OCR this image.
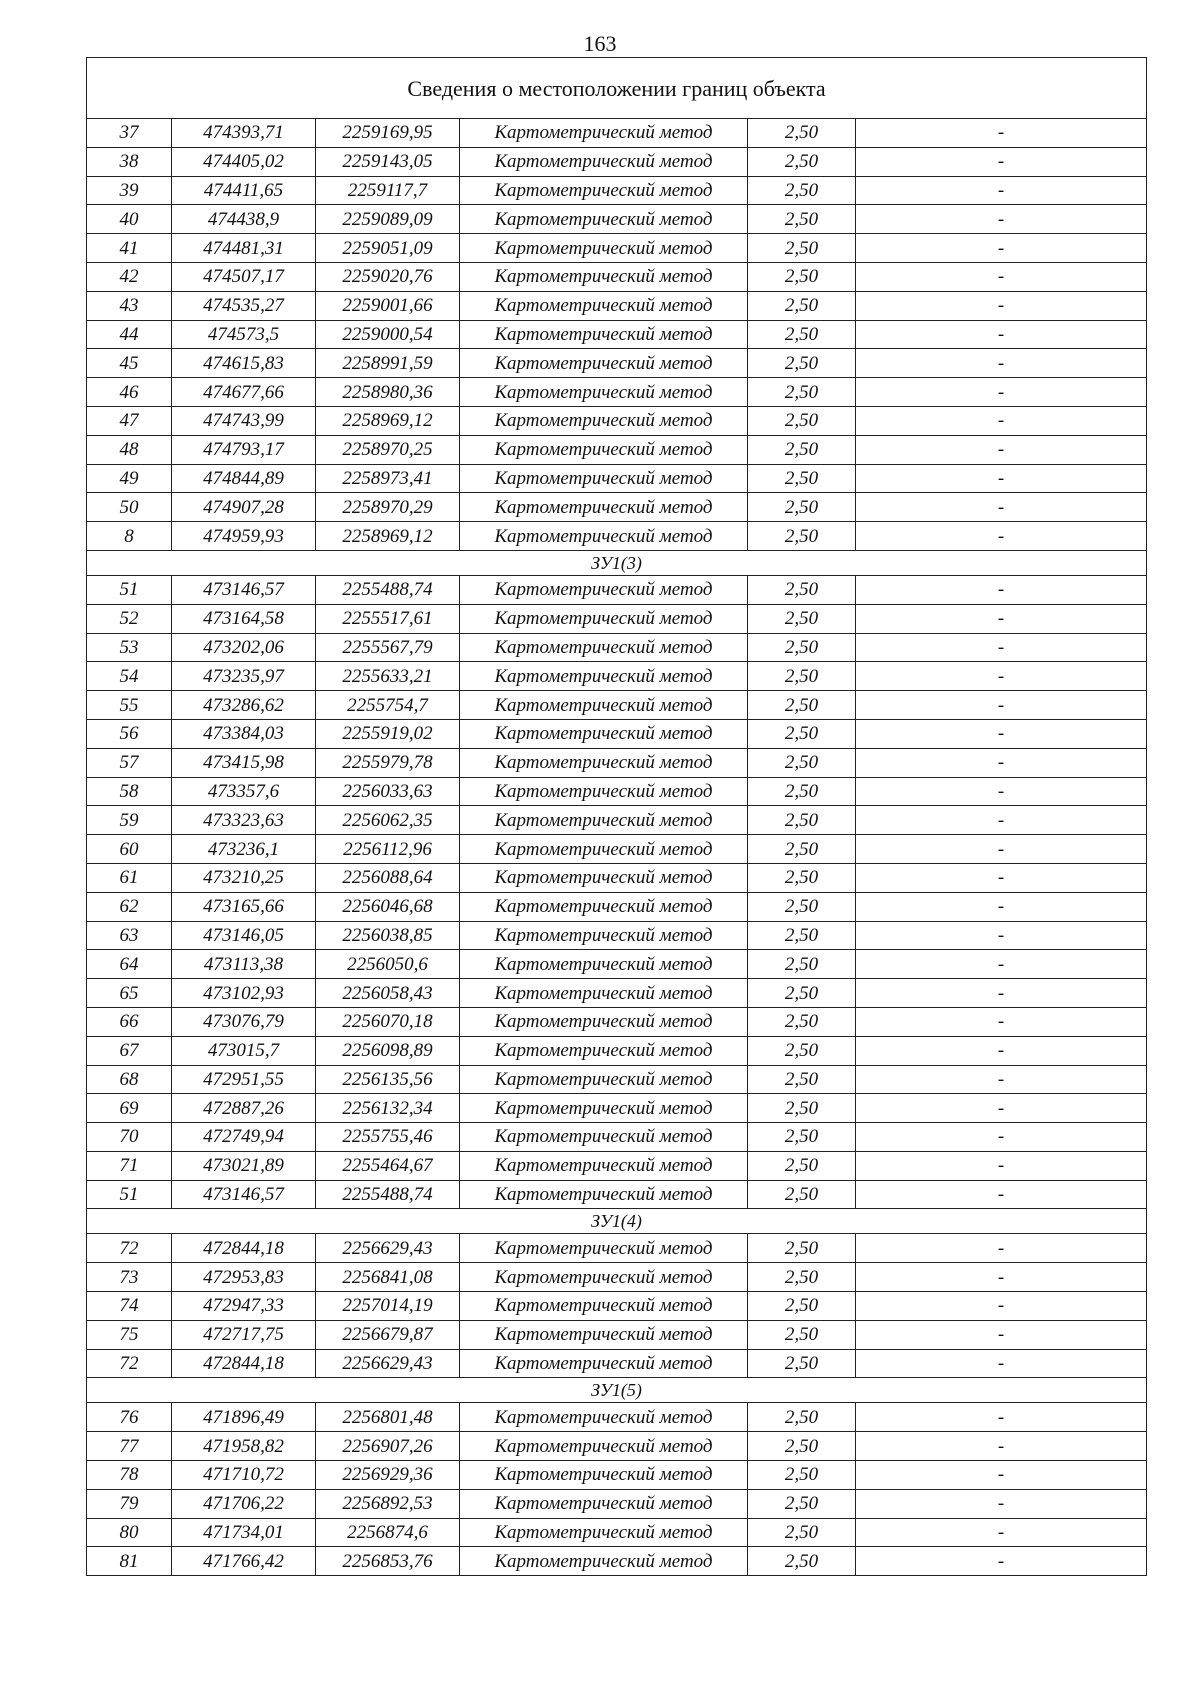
163
Сведения о местоположении границ объекта					
37	474393,71	2259169,95	Картометрический метод	2,50	-
38	474405,02	2259143,05	Картометрический метод	2,50	-
39	474411,65	2259117,7	Картометрический метод	2,50	-
40	474438,9	2259089,09	Картометрический метод	2,50	-
41	474481,31	2259051,09	Картометрический метод	2,50	-
42	474507,17	2259020,76	Картометрический метод	2,50	-
43	474535,27	2259001,66	Картометрический метод	2,50	-
44	474573,5	2259000,54	Картометрический метод	2,50	-
45	474615,83	2258991,59	Картометрический метод	2,50	-
46	474677,66	2258980,36	Картометрический метод	2,50	-
47	474743,99	2258969,12	Картометрический метод	2,50	-
48	474793,17	2258970,25	Картометрический метод	2,50	-
49	474844,89	2258973,41	Картометрический метод	2,50	-
50	474907,28	2258970,29	Картометрический метод	2,50	-
8	474959,93	2258969,12	Картометрический метод	2,50	-
ЗУ1(3)					
51	473146,57	2255488,74	Картометрический метод	2,50	-
52	473164,58	2255517,61	Картометрический метод	2,50	-
53	473202,06	2255567,79	Картометрический метод	2,50	-
54	473235,97	2255633,21	Картометрический метод	2,50	-
55	473286,62	2255754,7	Картометрический метод	2,50	-
56	473384,03	2255919,02	Картометрический метод	2,50	-
57	473415,98	2255979,78	Картометрический метод	2,50	-
58	473357,6	2256033,63	Картометрический метод	2,50	-
59	473323,63	2256062,35	Картометрический метод	2,50	-
60	473236,1	2256112,96	Картометрический метод	2,50	-
61	473210,25	2256088,64	Картометрический метод	2,50	-
62	473165,66	2256046,68	Картометрический метод	2,50	-
63	473146,05	2256038,85	Картометрический метод	2,50	-
64	473113,38	2256050,6	Картометрический метод	2,50	-
65	473102,93	2256058,43	Картометрический метод	2,50	-
66	473076,79	2256070,18	Картометрический метод	2,50	-
67	473015,7	2256098,89	Картометрический метод	2,50	-
68	472951,55	2256135,56	Картометрический метод	2,50	-
69	472887,26	2256132,34	Картометрический метод	2,50	-
70	472749,94	2255755,46	Картометрический метод	2,50	-
71	473021,89	2255464,67	Картометрический метод	2,50	-
51	473146,57	2255488,74	Картометрический метод	2,50	-
ЗУ1(4)					
72	472844,18	2256629,43	Картометрический метод	2,50	-
73	472953,83	2256841,08	Картометрический метод	2,50	-
74	472947,33	2257014,19	Картометрический метод	2,50	-
75	472717,75	2256679,87	Картометрический метод	2,50	-
72	472844,18	2256629,43	Картометрический метод	2,50	-
ЗУ1(5)					
76	471896,49	2256801,48	Картометрический метод	2,50	-
77	471958,82	2256907,26	Картометрический метод	2,50	-
78	471710,72	2256929,36	Картометрический метод	2,50	-
79	471706,22	2256892,53	Картометрический метод	2,50	-
80	471734,01	2256874,6	Картометрический метод	2,50	-
81	471766,42	2256853,76	Картометрический метод	2,50	-
